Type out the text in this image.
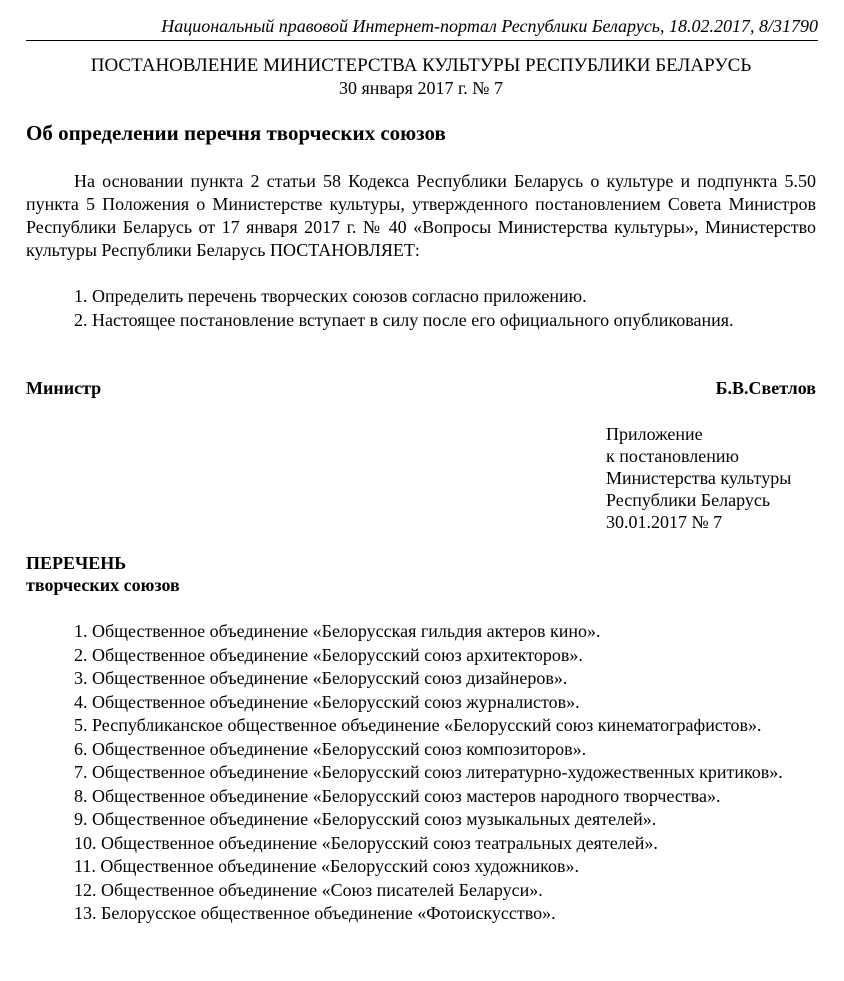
Национальный правовой Интернет-портал Республики Беларусь, 18.02.2017, 8/31790
ПОСТАНОВЛЕНИЕ МИНИСТЕРСТВА КУЛЬТУРЫ РЕСПУБЛИКИ БЕЛАРУСЬ
30 января 2017 г. № 7
Об определении перечня творческих союзов
На основании пункта 2 статьи 58 Кодекса Республики Беларусь о культуре и подпункта 5.50 пункта 5 Положения о Министерстве культуры, утвержденного постановлением Совета Министров Республики Беларусь от 17 января 2017 г. № 40 «Вопросы Министерства культуры», Министерство культуры Республики Беларусь ПОСТАНОВЛЯЕТ:
1. Определить перечень творческих союзов согласно приложению.
2. Настоящее постановление вступает в силу после его официального опубликования.
Министр	Б.В.Светлов
Приложение
к постановлению
Министерства культуры
Республики Беларусь
30.01.2017 № 7
ПЕРЕЧЕНЬ
творческих союзов
1. Общественное объединение «Белорусская гильдия актеров кино».
2. Общественное объединение «Белорусский союз архитекторов».
3. Общественное объединение «Белорусский союз дизайнеров».
4. Общественное объединение «Белорусский союз журналистов».
5. Республиканское общественное объединение «Белорусский союз кинематографистов».
6. Общественное объединение «Белорусский союз композиторов».
7. Общественное объединение «Белорусский союз литературно-художественных критиков».
8. Общественное объединение «Белорусский союз мастеров народного творчества».
9. Общественное объединение «Белорусский союз музыкальных деятелей».
10. Общественное объединение «Белорусский союз театральных деятелей».
11. Общественное объединение «Белорусский союз художников».
12. Общественное объединение «Союз писателей Беларуси».
13. Белорусское общественное объединение «Фотоискусство».
